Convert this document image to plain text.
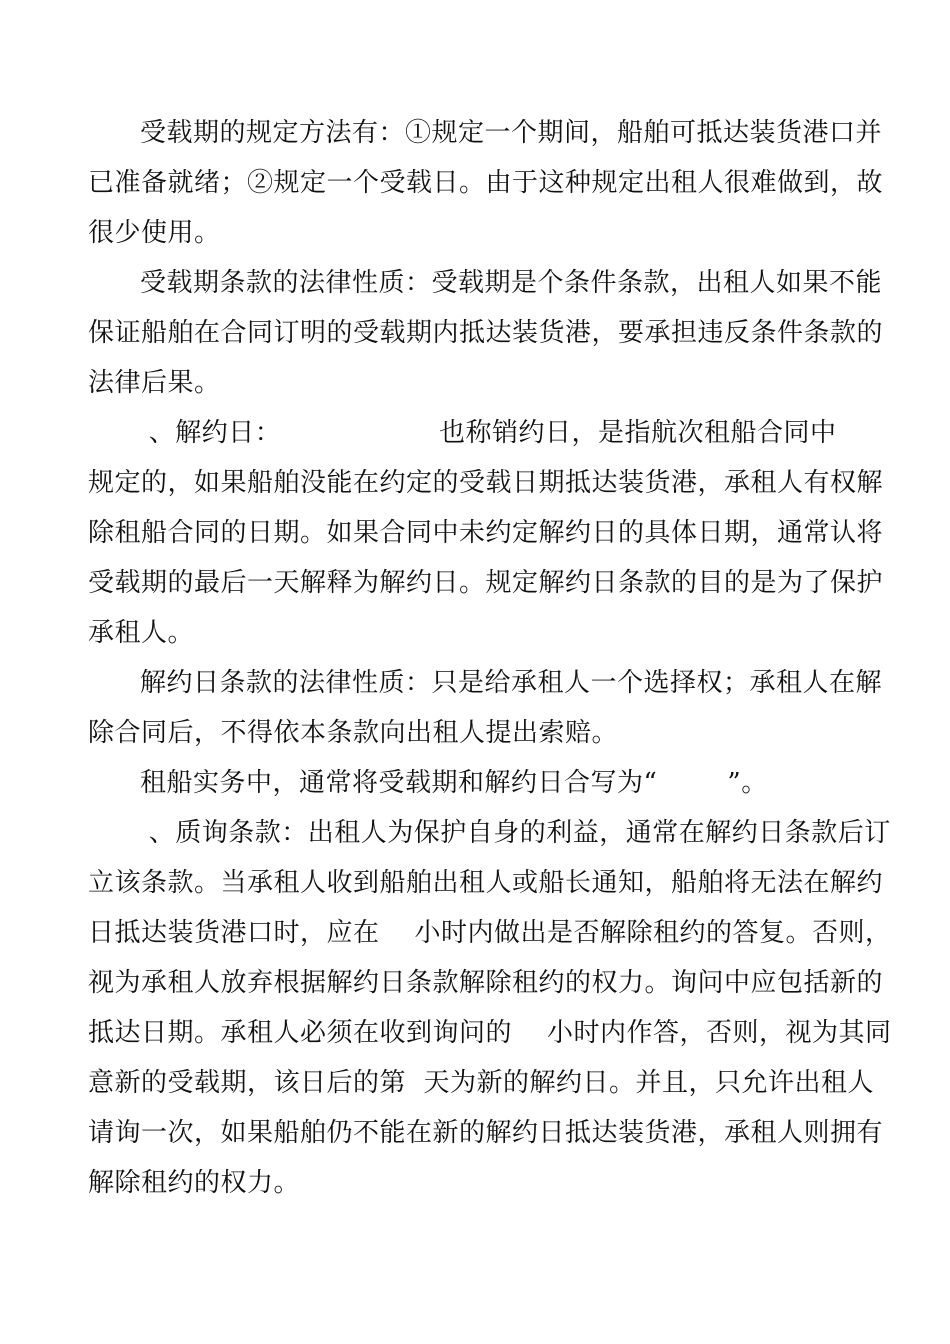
受载期的规定方法有：①规定一个期间，船舶可抵达装货港口并
已准备就绪；②规定一个受载日。由于这种规定出租人很难做到，故
很少使用。
受载期条款的法律性质：受载期是个条件条款，出租人如果不能
保证船舶在合同订明的受载期内抵达装货港，要承担违反条件条款的
法律后果。
、解约日：                  也称销约日，是指航次租船合同中
规定的，如果船舶没能在约定的受载日期抵达装货港，承租人有权解
除租船合同的日期。如果合同中未约定解约日的具体日期，通常认将
受载期的最后一天解释为解约日。规定解约日条款的目的是为了保护
承租人。
解约日条款的法律性质：只是给承租人一个选择权；承租人在解
除合同后，不得依本条款向出租人提出索赔。
租船实务中，通常将受载期和解约日合写为“        ”。
、质询条款：出租人为保护自身的利益，通常在解约日条款后订
立该条款。当承租人收到船舶出租人或船长通知，船舶将无法在解约
日抵达装货港口时，应在    小时内做出是否解除租约的答复。否则，
视为承租人放弃根据解约日条款解除租约的权力。询问中应包括新的
抵达日期。承租人必须在收到询问的    小时内作答，否则，视为其同
意新的受载期，该日后的第  天为新的解约日。并且，只允许出租人
请询一次，如果船舶仍不能在新的解约日抵达装货港，承租人则拥有
解除租约的权力。
